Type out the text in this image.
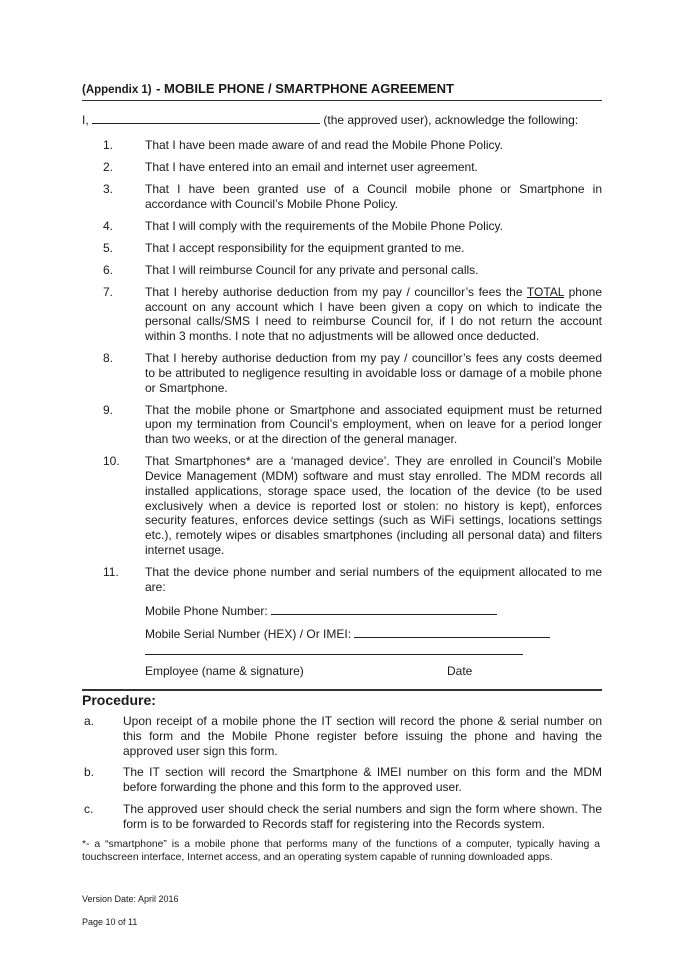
(Appendix 1) - MOBILE PHONE / SMARTPHONE AGREEMENT
I,	(the approved user), acknowledge the following:
1.	That I have been made aware of and read the Mobile Phone Policy.
2.	That I have entered into an email and internet user agreement.
3.	That I have been granted use of a Council mobile phone or Smartphone in accordance with Council’s Mobile Phone Policy.
4.	That I will comply with the requirements of the Mobile Phone Policy.
5.	That I accept responsibility for the equipment granted to me.
6.	That I will reimburse Council for any private and personal calls.
7.	That I hereby authorise deduction from my pay / councillor’s fees the TOTAL phone account on any account which I have been given a copy on which to indicate the personal calls/SMS I need to reimburse Council for, if I do not return the account within 3 months. I note that no adjustments will be allowed once deducted.
8.	That I hereby authorise deduction from my pay / councillor’s fees any costs deemed to be attributed to negligence resulting in avoidable loss or damage of a mobile phone or Smartphone.
9.	That the mobile phone or Smartphone and associated equipment must be returned upon my termination from Council’s employment, when on leave for a period longer than two weeks, or at the direction of the general manager.
10. That Smartphones* are a ‘managed device’. They are enrolled in Council’s Mobile Device Management (MDM) software and must stay enrolled. The MDM records all installed applications, storage space used, the location of the device (to be used exclusively when a device is reported lost or stolen: no history is kept), enforces security features, enforces device settings (such as WiFi settings, locations settings etc.), remotely wipes or disables smartphones (including all personal data) and filters internet usage.
11. That the device phone number and serial numbers of the equipment allocated to me are:
Mobile Phone Number:
Mobile Serial Number (HEX) / Or IMEI:
Employee (name & signature)	Date
Procedure:
a. Upon receipt of a mobile phone the IT section will record the phone & serial number on this form and the Mobile Phone register before issuing the phone and having the approved user sign this form.
b. The IT section will record the Smartphone & IMEI number on this form and the MDM before forwarding the phone and this form to the approved user.
c. The approved user should check the serial numbers and sign the form where shown. The form is to be forwarded to Records staff for registering into the Records system.
*- a “smartphone” is a mobile phone that performs many of the functions of a computer, typically having a touchscreen interface, Internet access, and an operating system capable of running downloaded apps.
Version Date: April 2016
Page 10 of 11
